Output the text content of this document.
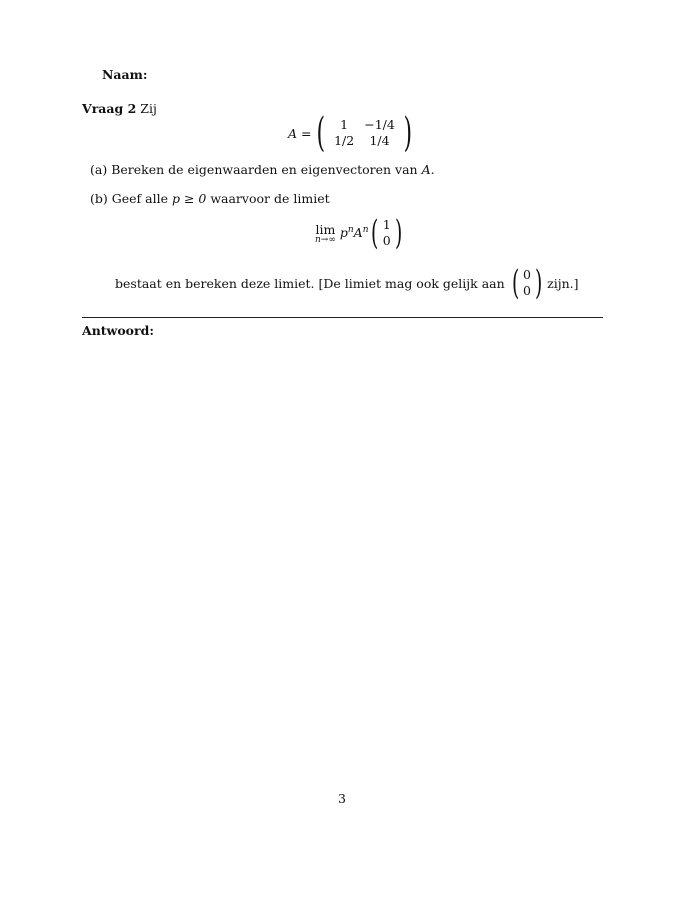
Naam:
Vraag 2 Zij
A = ( 1	−1/4
1/2	1/4 )
(a) Bereken de eigenwaarden en eigenvectoren van A.
(b) Geef alle p ≥ 0 waarvoor de limiet
lim
n→∞ $p^nA^n$ ( 1
0 )
bestaat en bereken deze limiet. [De limiet mag ook gelijk aan ( 0
0 ) zijn.]
Antwoord:
3
